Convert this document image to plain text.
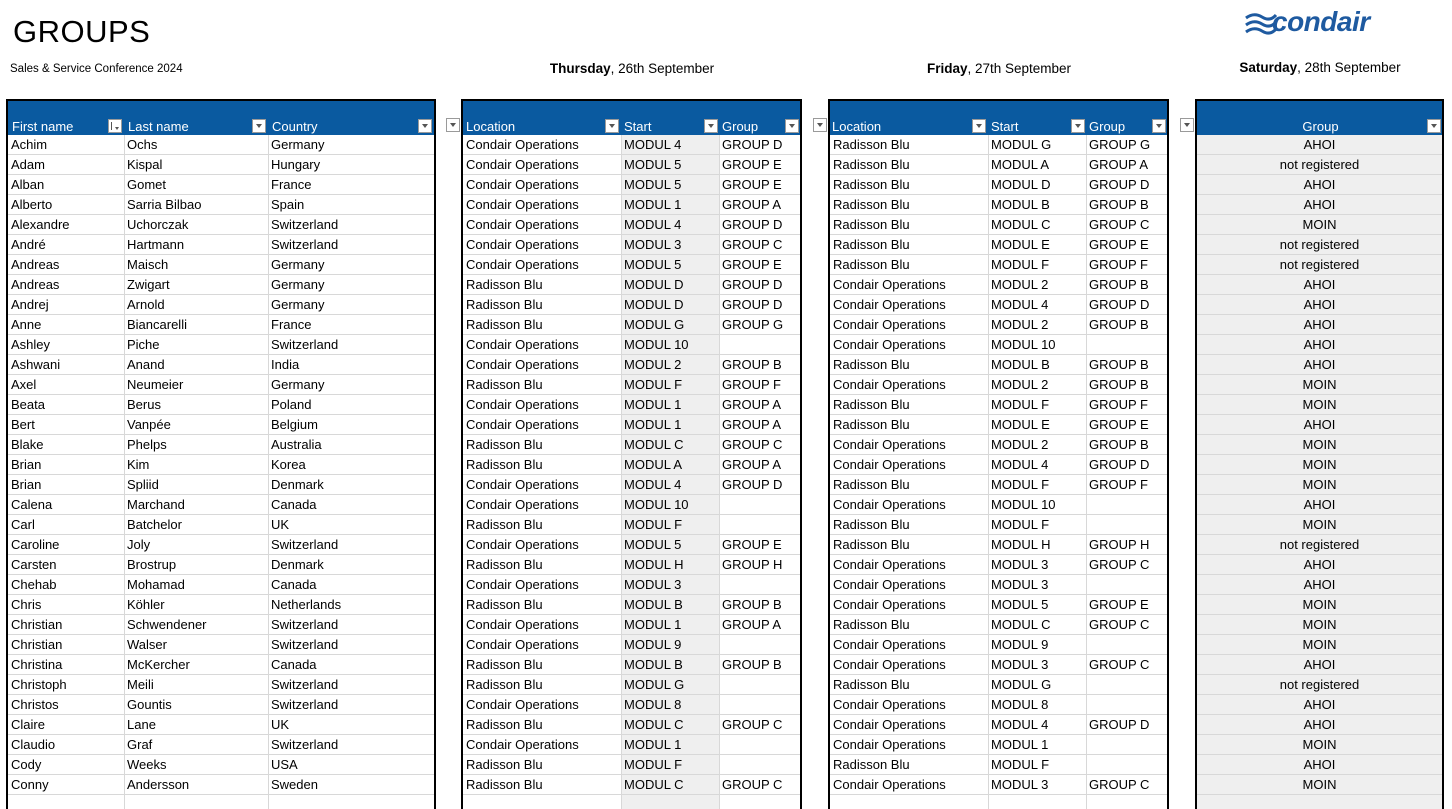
GROUPS
Sales & Service Conference 2024	Thursday, 26th September	Friday, 27th September	Saturday, 28th September
condair
First name	Last name	Country
Achim	Ochs	Germany
Adam	Kispal	Hungary
Alban	Gomet	France
Alberto	Sarria Bilbao	Spain
Alexandre	Uchorczak	Switzerland
André	Hartmann	Switzerland
Andreas	Maisch	Germany
Andreas	Zwigart	Germany
Andrej	Arnold	Germany
Anne	Biancarelli	France
Ashley	Piche	Switzerland
Ashwani	Anand	India
Axel	Neumeier	Germany
Beata	Berus	Poland
Bert	Vanpée	Belgium
Blake	Phelps	Australia
Brian	Kim	Korea
Brian	Spliid	Denmark
Calena	Marchand	Canada
Carl	Batchelor	UK
Caroline	Joly	Switzerland
Carsten	Brostrup	Denmark
Chehab	Mohamad	Canada
Chris	Köhler	Netherlands
Christian	Schwendener	Switzerland
Christian	Walser	Switzerland
Christina	McKercher	Canada
Christoph	Meili	Switzerland
Christos	Gountis	Switzerland
Claire	Lane	UK
Claudio	Graf	Switzerland
Cody	Weeks	USA
Conny	Andersson	Sweden
Location	Start	Group
Condair Operations	MODUL 4	GROUP D
Condair Operations	MODUL 5	GROUP E
Condair Operations	MODUL 5	GROUP E
Condair Operations	MODUL 1	GROUP A
Condair Operations	MODUL 4	GROUP D
Condair Operations	MODUL 3	GROUP C
Condair Operations	MODUL 5	GROUP E
Radisson Blu	MODUL D	GROUP D
Radisson Blu	MODUL D	GROUP D
Radisson Blu	MODUL G	GROUP G
Condair Operations	MODUL 10
Condair Operations	MODUL 2	GROUP B
Radisson Blu	MODUL F	GROUP F
Condair Operations	MODUL 1	GROUP A
Condair Operations	MODUL 1	GROUP A
Radisson Blu	MODUL C	GROUP C
Radisson Blu	MODUL A	GROUP A
Condair Operations	MODUL 4	GROUP D
Condair Operations	MODUL 10
Radisson Blu	MODUL F
Condair Operations	MODUL 5	GROUP E
Radisson Blu	MODUL H	GROUP H
Condair Operations	MODUL 3
Radisson Blu	MODUL B	GROUP B
Condair Operations	MODUL 1	GROUP A
Condair Operations	MODUL 9
Radisson Blu	MODUL B	GROUP B
Radisson Blu	MODUL G
Condair Operations	MODUL 8
Radisson Blu	MODUL C	GROUP C
Condair Operations	MODUL 1
Radisson Blu	MODUL F
Radisson Blu	MODUL C	GROUP C
Location	Start	Group
Radisson Blu	MODUL G	GROUP G
Radisson Blu	MODUL A	GROUP A
Radisson Blu	MODUL D	GROUP D
Radisson Blu	MODUL B	GROUP B
Radisson Blu	MODUL C	GROUP C
Radisson Blu	MODUL E	GROUP E
Radisson Blu	MODUL F	GROUP F
Condair Operations	MODUL 2	GROUP B
Condair Operations	MODUL 4	GROUP D
Condair Operations	MODUL 2	GROUP B
Condair Operations	MODUL 10
Radisson Blu	MODUL B	GROUP B
Condair Operations	MODUL 2	GROUP B
Radisson Blu	MODUL F	GROUP F
Radisson Blu	MODUL E	GROUP E
Condair Operations	MODUL 2	GROUP B
Condair Operations	MODUL 4	GROUP D
Radisson Blu	MODUL F	GROUP F
Condair Operations	MODUL 10
Radisson Blu	MODUL F
Radisson Blu	MODUL H	GROUP H
Condair Operations	MODUL 3	GROUP C
Condair Operations	MODUL 3
Condair Operations	MODUL 5	GROUP E
Radisson Blu	MODUL C	GROUP C
Condair Operations	MODUL 9
Condair Operations	MODUL 3	GROUP C
Radisson Blu	MODUL G
Condair Operations	MODUL 8
Condair Operations	MODUL 4	GROUP D
Condair Operations	MODUL 1
Radisson Blu	MODUL F
Condair Operations	MODUL 3	GROUP C
Group
AHOI
not registered
AHOI
AHOI
MOIN
not registered
not registered
AHOI
AHOI
AHOI
AHOI
AHOI
MOIN
MOIN
AHOI
MOIN
MOIN
MOIN
AHOI
MOIN
not registered
AHOI
AHOI
MOIN
MOIN
MOIN
AHOI
not registered
AHOI
AHOI
MOIN
AHOI
MOIN
